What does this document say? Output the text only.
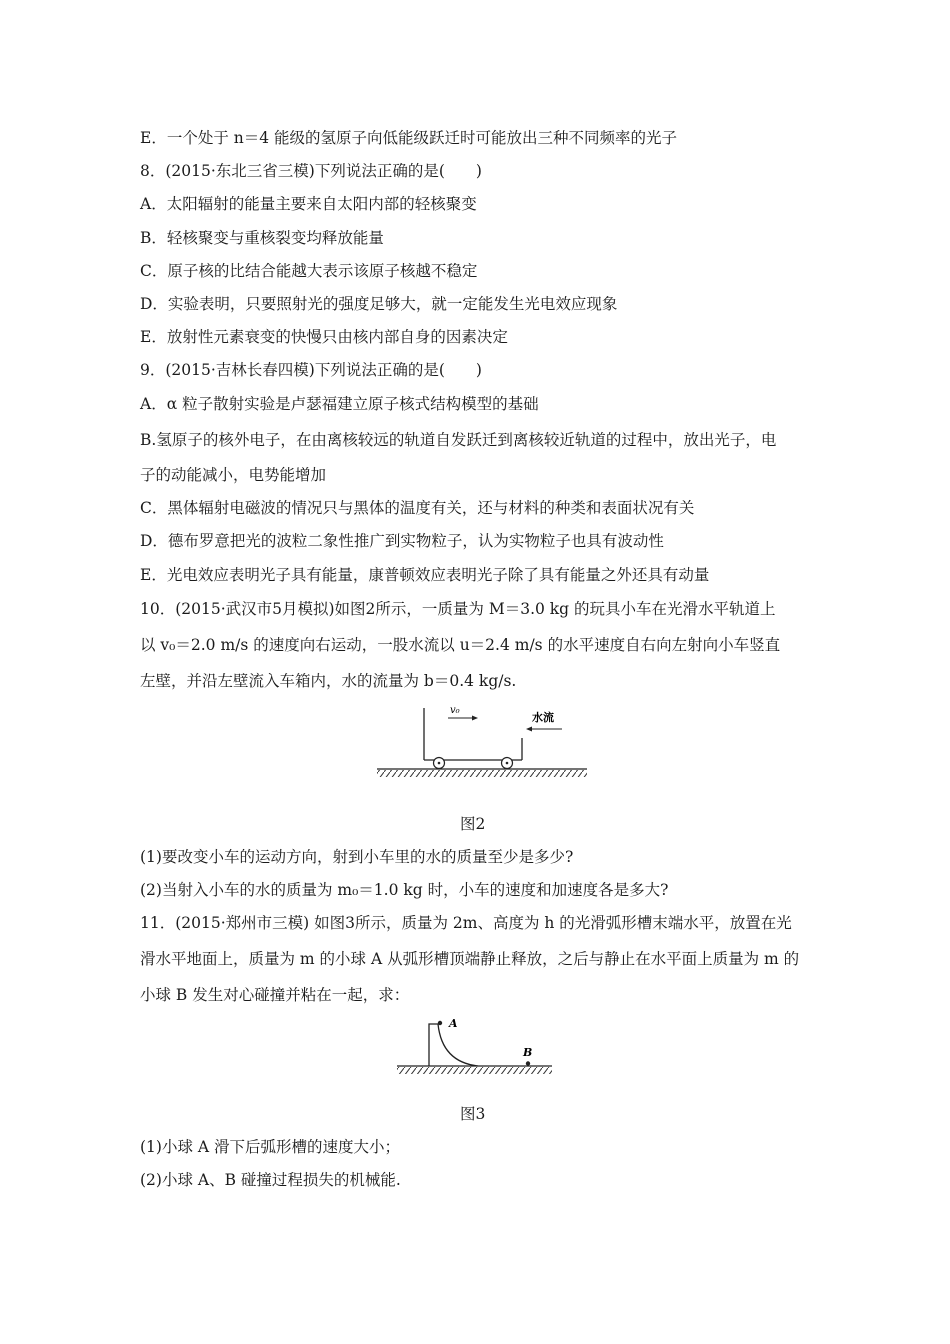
E．一个处于 n＝4 能级的氢原子向低能级跃迁时可能放出三种不同频率的光子
8．(2015·东北三省三模)下列说法正确的是(　　)
A．太阳辐射的能量主要来自太阳内部的轻核聚变
B．轻核聚变与重核裂变均释放能量
C．原子核的比结合能越大表示该原子核越不稳定
D．实验表明，只要照射光的强度足够大，就一定能发生光电效应现象
E．放射性元素衰变的快慢只由核内部自身的因素决定
9．(2015·吉林长春四模)下列说法正确的是(　　)
A．α 粒子散射实验是卢瑟福建立原子核式结构模型的基础
B.氢原子的核外电子，在由离核较远的轨道自发跃迁到离核较近轨道的过程中，放出光子，电
子的动能减小，电势能增加
C．黑体辐射电磁波的情况只与黑体的温度有关，还与材料的种类和表面状况有关
D．德布罗意把光的波粒二象性推广到实物粒子，认为实物粒子也具有波动性
E．光电效应表明光子具有能量，康普顿效应表明光子除了具有能量之外还具有动量
10．(2015·武汉市5月模拟)如图2所示，一质量为 M＝3.0 kg 的玩具小车在光滑水平轨道上
以 v₀＝2.0 m/s 的速度向右运动，一股水流以 u＝2.4 m/s 的水平速度自右向左射向小车竖直
左壁，并沿左壁流入车箱内，水的流量为 b＝0.4 kg/s.
v₀
水流
图2
(1)要改变小车的运动方向，射到小车里的水的质量至少是多少?
(2)当射入小车的水的质量为 m₀＝1.0 kg 时，小车的速度和加速度各是多大?
11．(2015·郑州市三模) 如图3所示，质量为 2m、高度为 h 的光滑弧形槽末端水平，放置在光
滑水平地面上，质量为 m 的小球 A 从弧形槽顶端静止释放，之后与静止在水平面上质量为 m 的
小球 B 发生对心碰撞并粘在一起，求：
A
B
图3
(1)小球 A 滑下后弧形槽的速度大小；
(2)小球 A、B 碰撞过程损失的机械能.
